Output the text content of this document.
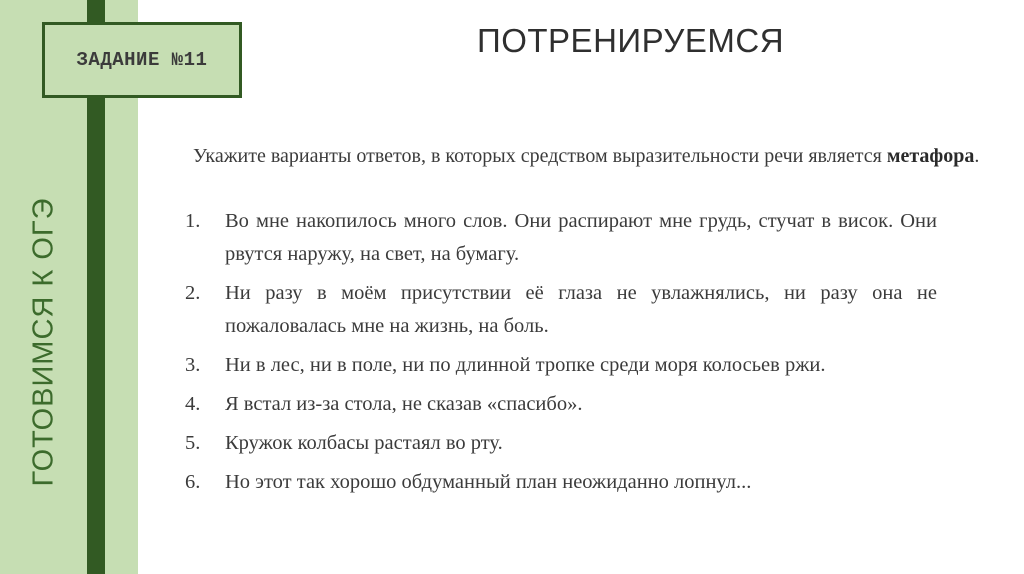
ГОТОВИМСЯ К ОГЭ
ЗАДАНИЕ №11
ПОТРЕНИРУЕМСЯ

Укажите варианты ответов, в которых средством выразительности речи является метафора.

1.	Во мне накопилось много слов. Они распирают мне грудь, стучат в висок. Они рвутся наружу, на свет, на бумагу.
2.	Ни разу в моём присутствии её глаза не увлажнялись, ни разу она не пожаловалась мне на жизнь, на боль.
3.	Ни в лес, ни в поле, ни по длинной тропке среди моря колосьев ржи.
4.	Я встал из-за стола, не сказав «спасибо».
5.	Кружок колбасы растаял во рту.
6.	Но этот так хорошо обдуманный план неожиданно лопнул...
